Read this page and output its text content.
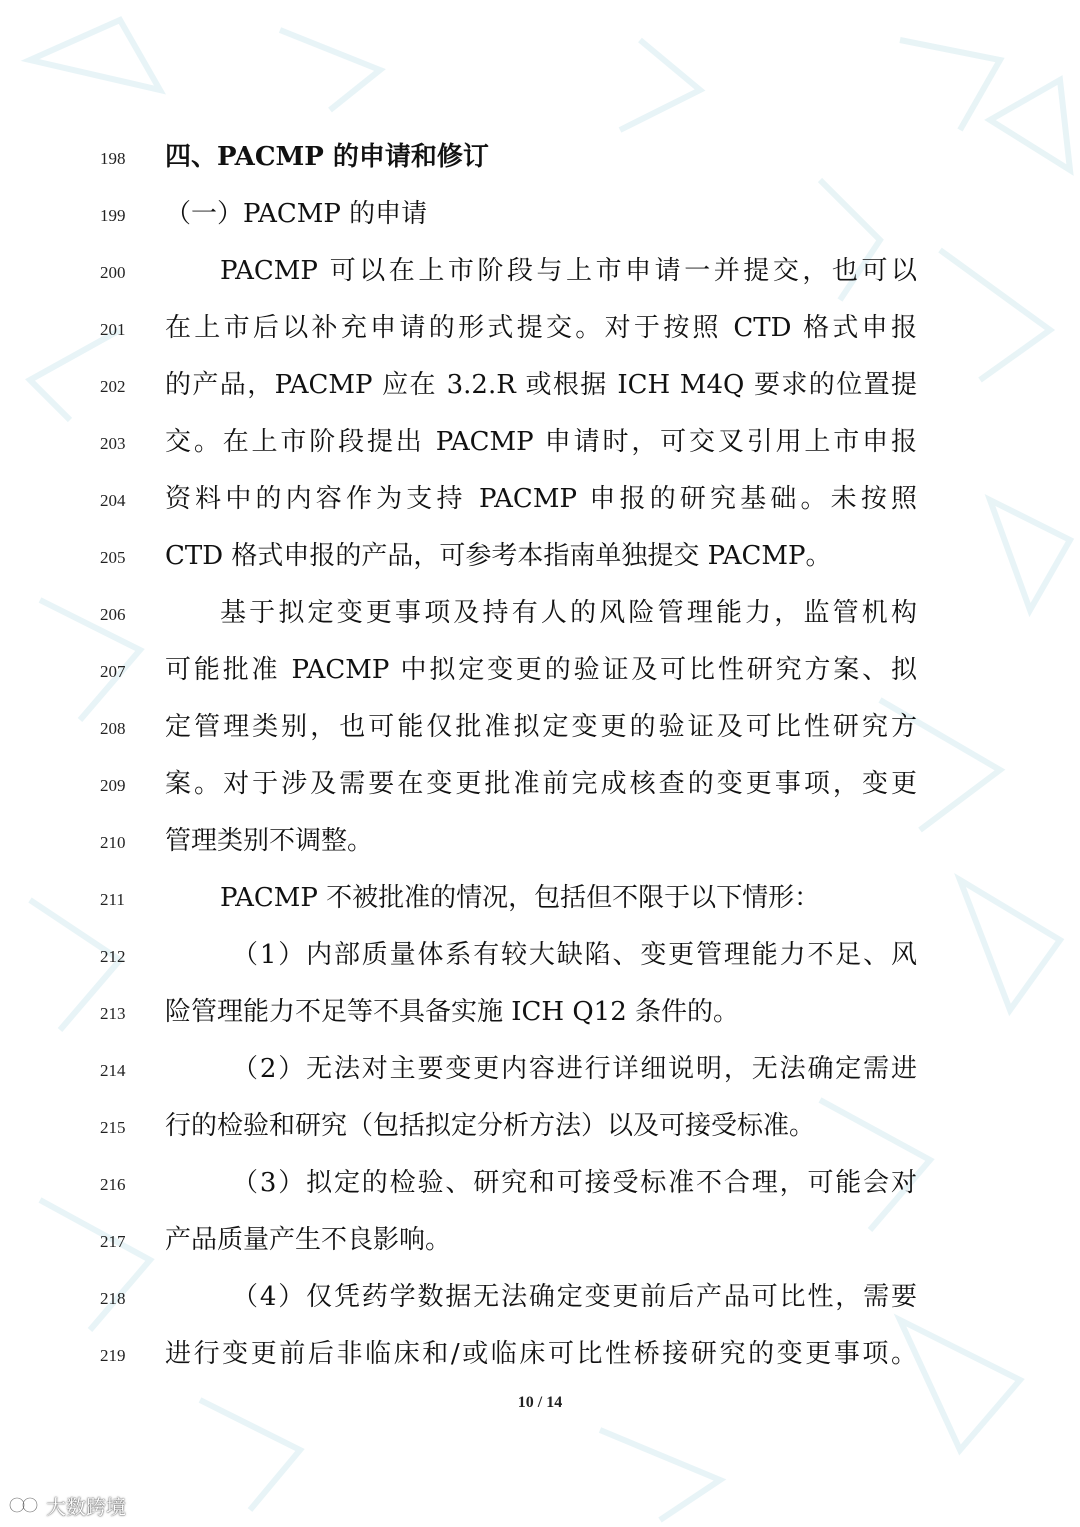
198	四、PACMP 的申请和修订
199	（一）PACMP 的申请
200	PACMP 可以在上市阶段与上市申请一并提交，也可以
201	在上市后以补充申请的形式提交。对于按照 CTD 格式申报
202	的产品，PACMP 应在 3.2.R 或根据 ICH M4Q 要求的位置提
203	交。在上市阶段提出 PACMP 申请时，可交叉引用上市申报
204	资料中的内容作为支持 PACMP 申报的研究基础。未按照
205	CTD 格式申报的产品，可参考本指南单独提交 PACMP。
206	基于拟定变更事项及持有人的风险管理能力，监管机构
207	可能批准 PACMP 中拟定变更的验证及可比性研究方案、拟
208	定管理类别，也可能仅批准拟定变更的验证及可比性研究方
209	案。对于涉及需要在变更批准前完成核查的变更事项，变更
210	管理类别不调整。
211	PACMP 不被批准的情况，包括但不限于以下情形：
212	（1）内部质量体系有较大缺陷、变更管理能力不足、风
213	险管理能力不足等不具备实施 ICH Q12 条件的。
214	（2）无法对主要变更内容进行详细说明，无法确定需进
215	行的检验和研究（包括拟定分析方法）以及可接受标准。
216	（3）拟定的检验、研究和可接受标准不合理，可能会对
217	产品质量产生不良影响。
218	（4）仅凭药学数据无法确定变更前后产品可比性，需要
219	进行变更前后非临床和/或临床可比性桥接研究的变更事项。
10 / 14
大数跨境
